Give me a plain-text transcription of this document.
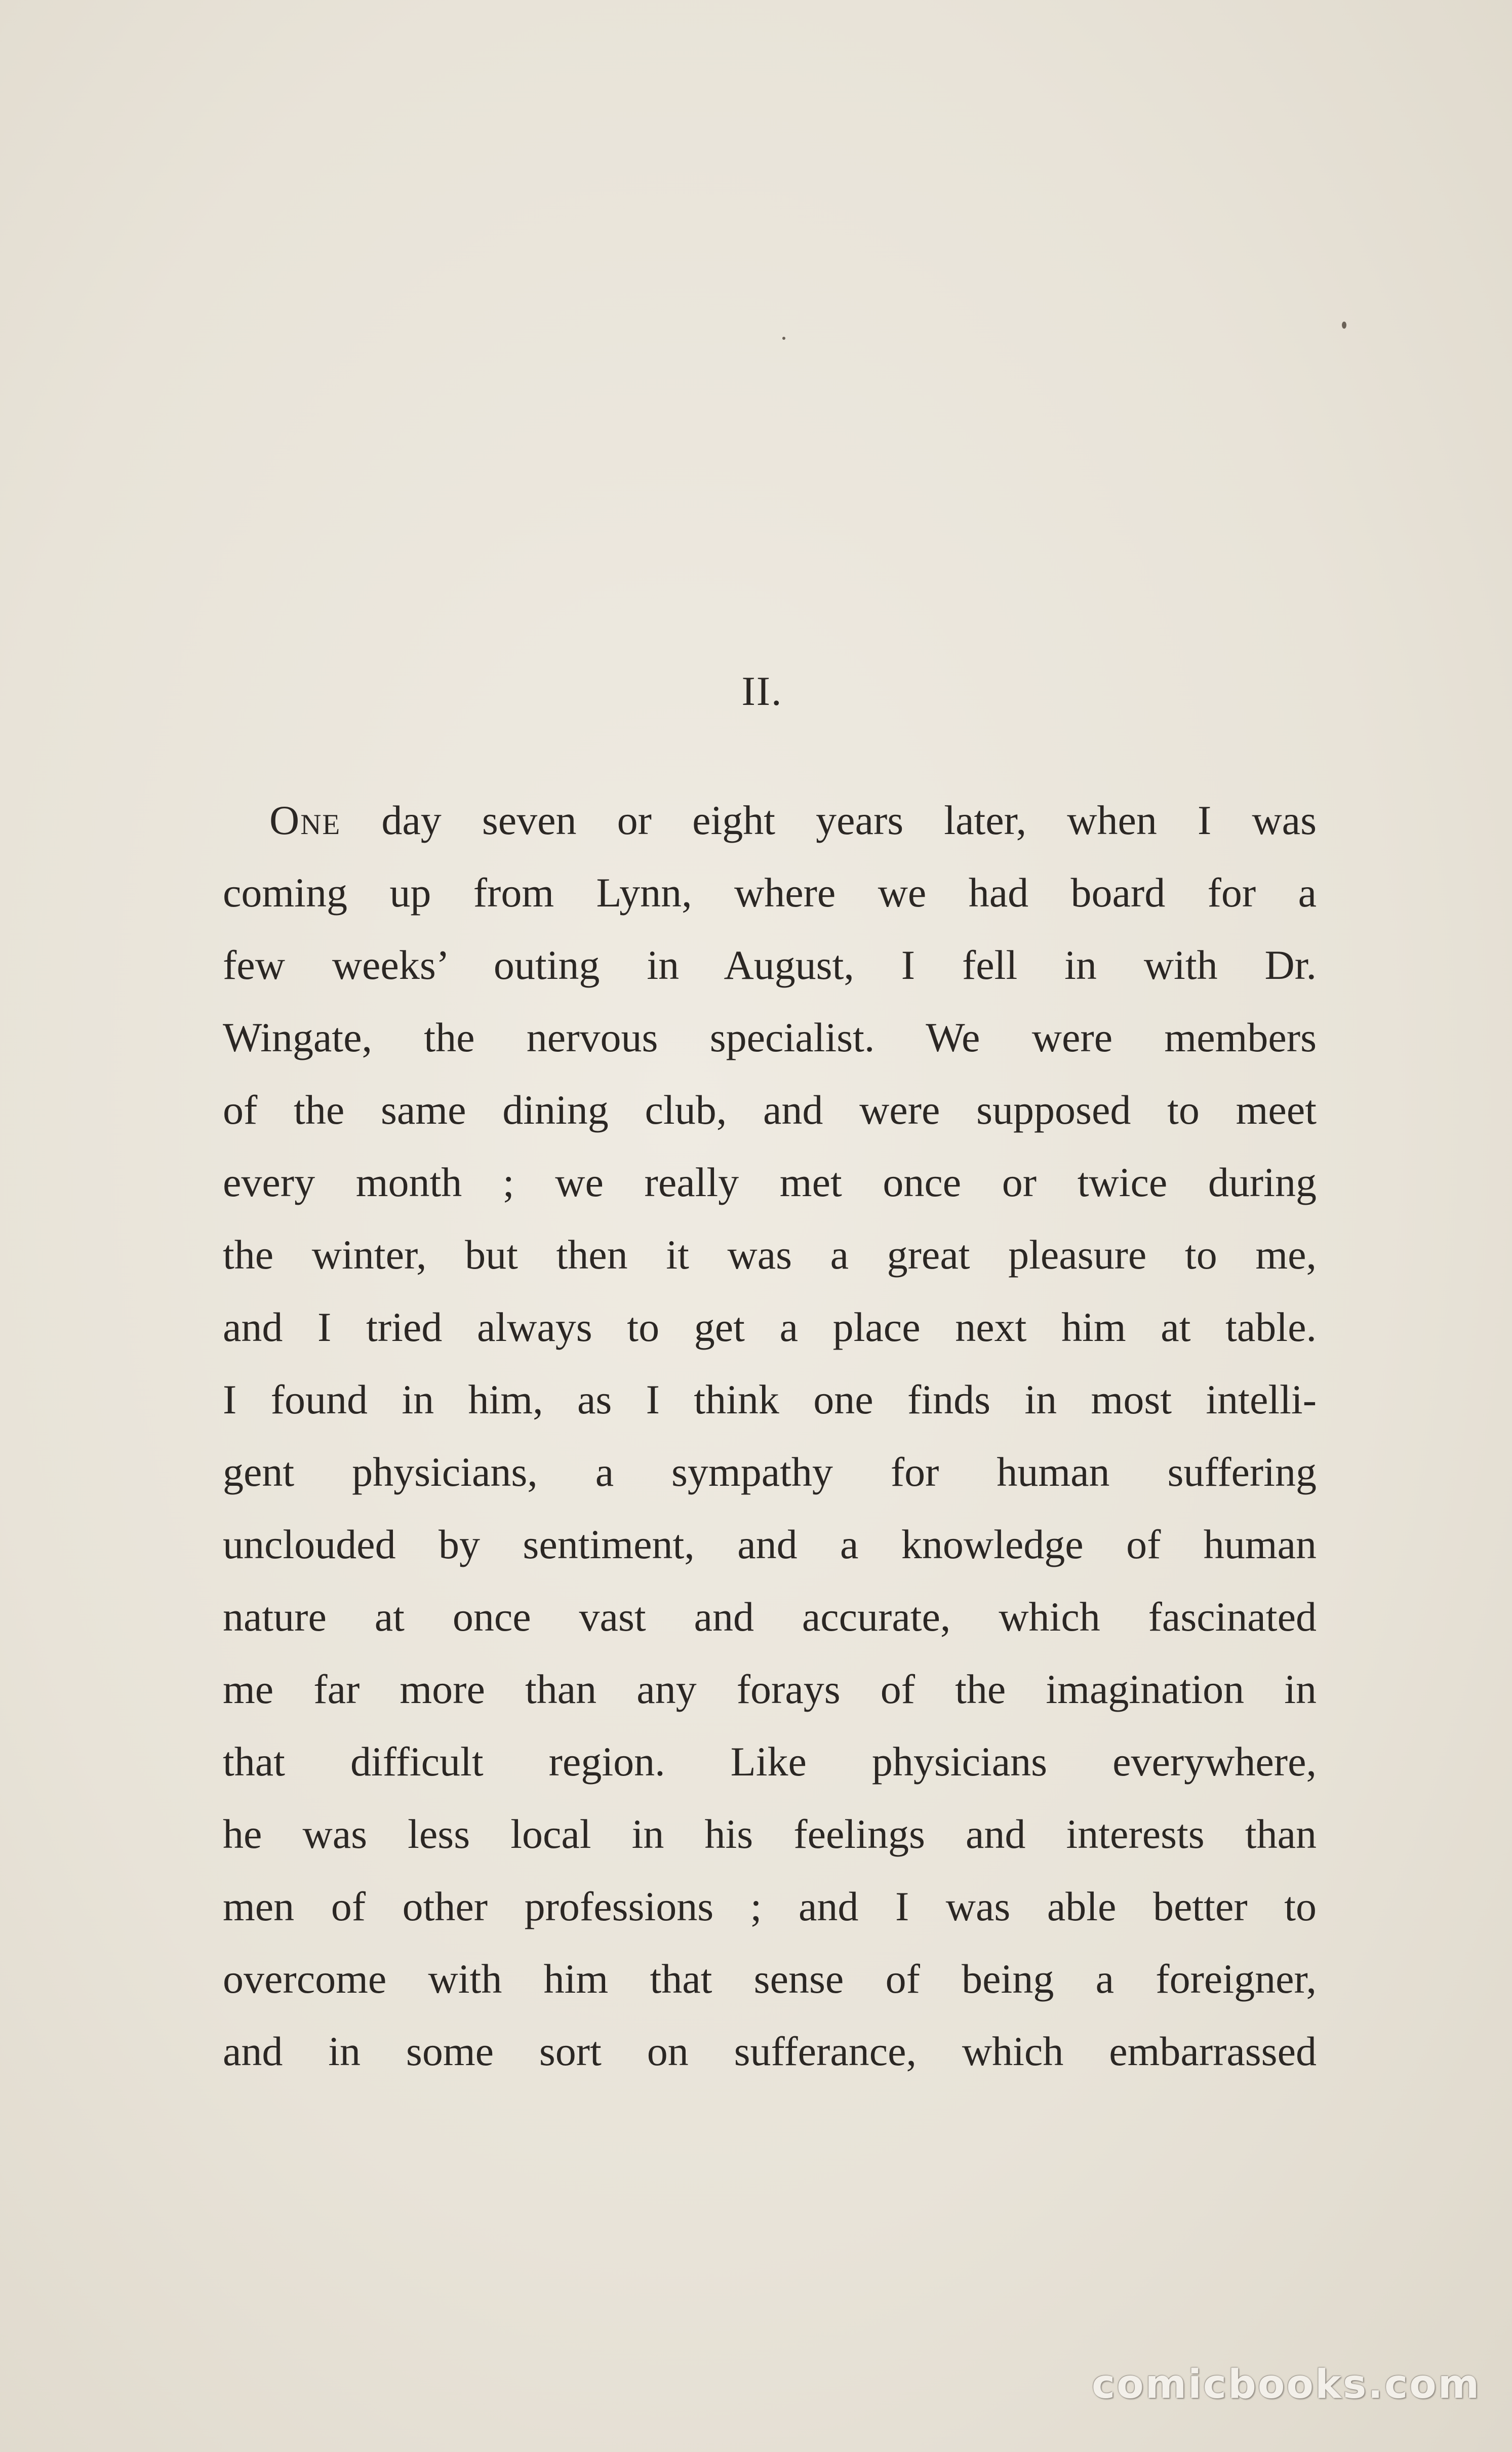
II.
One day seven or eight years later, when I was
coming up from Lynn, where we had board for a
few weeks’ outing in August, I fell in with Dr.
Wingate, the nervous specialist. We were members
of the same dining club, and were supposed to meet
every month ; we really met once or twice during
the winter, but then it was a great pleasure to me,
and I tried always to get a place next him at table.
I found in him, as I think one finds in most intelli-
gent physicians, a sympathy for human suffering
unclouded by sentiment, and a knowledge of human
nature at once vast and accurate, which fascinated
me far more than any forays of the imagination in
that difficult region. Like physicians everywhere,
he was less local in his feelings and interests than
men of other professions ; and I was able better to
overcome with him that sense of being a foreigner,
and in some sort on sufferance, which embarrassed
comicbooks.com
